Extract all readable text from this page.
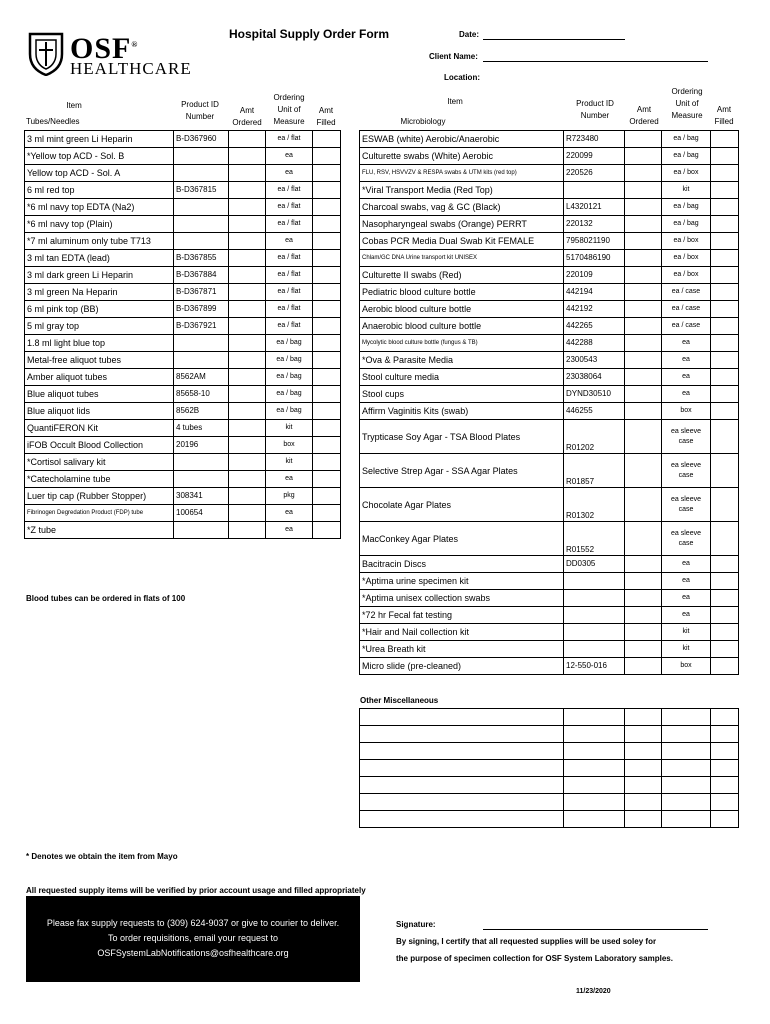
OSF®
HEALTHCARE
Hospital Supply Order Form	Date:
Client Name:
Location:
Item
Tubes/Needles
Product ID Number
Amt Ordered
Ordering Unit of Measure
Amt Filled
3 ml mint green Li Heparin	B-D367960		ea / flat	
*Yellow top ACD - Sol. B			ea	
Yellow top ACD - Sol. A			ea	
6 ml red top	B-D367815		ea / flat	
*6 ml navy top EDTA (Na2)			ea / flat	
*6 ml navy top (Plain)			ea / flat	
*7 ml aluminum only tube T713			ea	
3 ml tan EDTA (lead)	B-D367855		ea / flat	
3 ml dark green Li Heparin	B-D367884		ea / flat	
3 ml green Na Heparin	B-D367871		ea / flat	
6 ml pink top (BB)	B-D367899		ea / flat	
5 ml gray top	B-D367921		ea / flat	
1.8 ml light blue top			ea / bag	
Metal-free aliquot tubes			ea / bag	
Amber aliquot tubes	8562AM		ea / bag	
Blue aliquot tubes	85658-10		ea / bag	
Blue aliquot lids	8562B		ea / bag	
QuantiFERON Kit	4 tubes		kit	
iFOB Occult Blood Collection	20196		box	
*Cortisol salivary kit			kit	
*Catecholamine tube			ea	
Luer tip cap (Rubber Stopper)	308341		pkg	
Fibrinogen Degredation Product (FDP) tube	100654		ea	
*Z tube			ea	
Blood tubes can be ordered in flats of 100
Item
Microbiology
Product ID Number
Amt Ordered
Ordering Unit of Measure
Amt Filled
ESWAB (white) Aerobic/Anaerobic	R723480		ea / bag	
Culturette swabs (White) Aerobic	220099		ea / bag	
FLU, RSV, HSVVZV & RESPA swabs & UTM kits (red top)	220526		ea / box	
*Viral Transport Media (Red Top)			kit	
Charcoal swabs, vag & GC (Black)	L4320121		ea / bag	
Nasopharyngeal swabs (Orange) PERRT	220132		ea / bag	
Cobas PCR Media Dual Swab Kit FEMALE	7958021190		ea / box	
Chlam/GC DNA Urine transport kit UNISEX	5170486190		ea / box	
Culturette II swabs (Red)	220109		ea / box	
Pediatric blood culture bottle	442194		ea / case	
Aerobic blood culture bottle	442192		ea / case	
Anaerobic blood culture bottle	442265		ea / case	
Mycolytic blood culture bottle (fungus & TB)	442288		ea	
*Ova & Parasite Media	2300543		ea	
Stool culture media	23038064		ea	
Stool cups	DYND30510		ea	
Affirm Vaginitis Kits (swab)	446255		box	
Trypticase Soy Agar - TSA Blood Plates	R01202		ea sleeve case	
Selective Strep Agar - SSA Agar Plates	R01857		ea sleeve case	
Chocolate Agar Plates	R01302		ea sleeve case	
MacConkey Agar Plates	R01552		ea sleeve case	
Bacitracin Discs	DD0305		ea	
*Aptima urine specimen kit			ea	
*Aptima unisex collection swabs			ea	
*72 hr Fecal fat testing			ea	
*Hair and Nail collection kit			kit	
*Urea Breath kit			kit	
Micro slide (pre-cleaned)	12-550-016		box	
Other Miscellaneous

* Denotes we obtain the item from Mayo
All requested supply items will be verified by prior account usage and filled appropriately
Please fax supply requests to (309) 624-9037 or give to courier to deliver.
To order requisitions, email your request to
OSFSystemLabNotifications@osfhealthcare.org
Signature:
By signing, I certify that all requested supplies will be used soley for
the purpose of specimen collection for OSF System Laboratory samples.
11/23/2020
